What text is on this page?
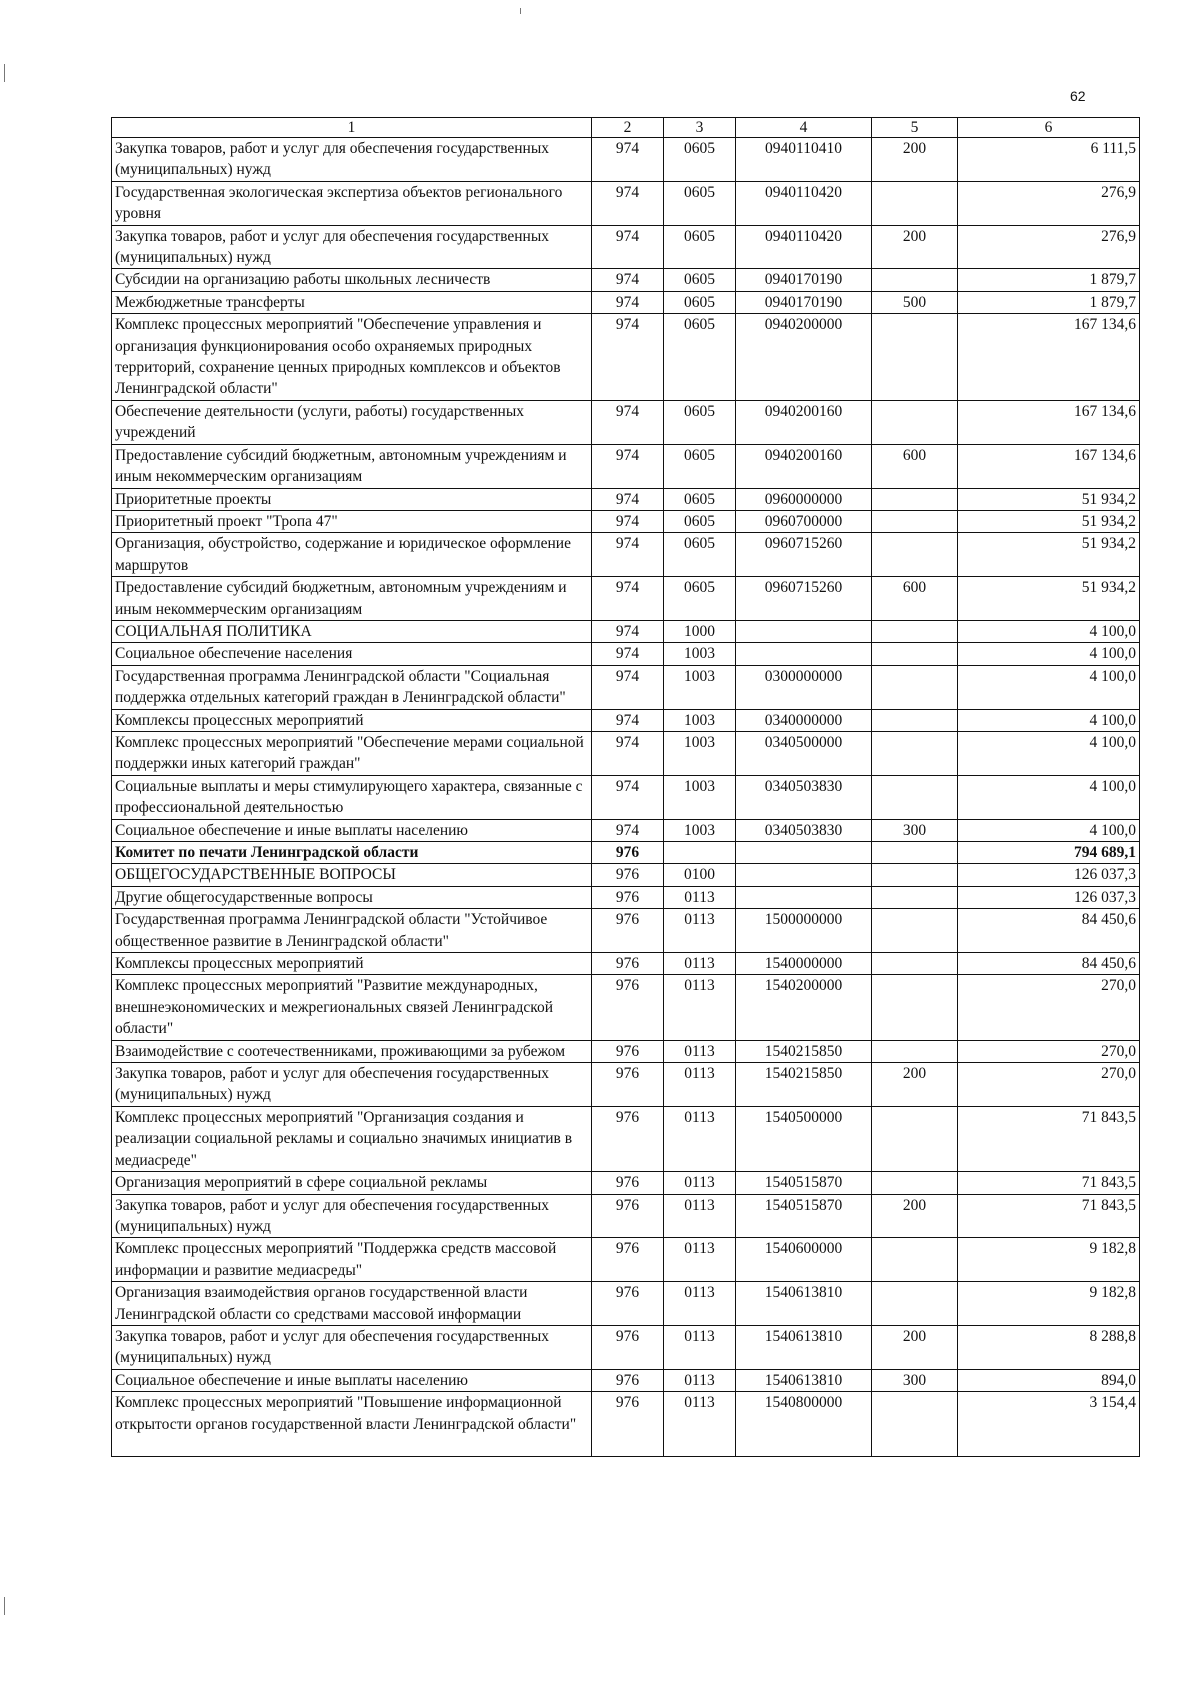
62
1	2	3	4	5	6
Закупка товаров, работ и услуг для обеспечения государственных (муниципальных) нужд	974	0605	0940110410	200	6 111,5
Государственная экологическая экспертиза объектов регионального уровня	974	0605	0940110420		276,9
Закупка товаров, работ и услуг для обеспечения государственных (муниципальных) нужд	974	0605	0940110420	200	276,9
Субсидии на организацию работы школьных лесничеств	974	0605	0940170190		1 879,7
Межбюджетные трансферты	974	0605	0940170190	500	1 879,7
Комплекс процессных мероприятий "Обеспечение управления и организация функционирования особо охраняемых природных территорий, сохранение ценных природных комплексов и объектов Ленинградской области"	974	0605	0940200000		167 134,6
Обеспечение деятельности (услуги, работы) государственных учреждений	974	0605	0940200160		167 134,6
Предоставление субсидий бюджетным, автономным учреждениям и иным некоммерческим организациям	974	0605	0940200160	600	167 134,6
Приоритетные проекты	974	0605	0960000000		51 934,2
Приоритетный проект "Тропа 47"	974	0605	0960700000		51 934,2
Организация, обустройство, содержание и юридическое оформление маршрутов	974	0605	0960715260		51 934,2
Предоставление субсидий бюджетным, автономным учреждениям и иным некоммерческим организациям	974	0605	0960715260	600	51 934,2
СОЦИАЛЬНАЯ ПОЛИТИКА	974	1000			4 100,0
Социальное обеспечение населения	974	1003			4 100,0
Государственная программа Ленинградской области "Социальная поддержка отдельных категорий граждан в Ленинградской области"	974	1003	0300000000		4 100,0
Комплексы процессных мероприятий	974	1003	0340000000		4 100,0
Комплекс процессных мероприятий "Обеспечение мерами социальной поддержки иных категорий граждан"	974	1003	0340500000		4 100,0
Социальные выплаты и меры стимулирующего характера, связанные с профессиональной деятельностью	974	1003	0340503830		4 100,0
Социальное обеспечение и иные выплаты населению	974	1003	0340503830	300	4 100,0
Комитет по печати Ленинградской области	976				794 689,1
ОБЩЕГОСУДАРСТВЕННЫЕ ВОПРОСЫ	976	0100			126 037,3
Другие общегосударственные вопросы	976	0113			126 037,3
Государственная программа Ленинградской области "Устойчивое общественное развитие в Ленинградской области"	976	0113	1500000000		84 450,6
Комплексы процессных мероприятий	976	0113	1540000000		84 450,6
Комплекс процессных мероприятий "Развитие международных, внешнеэкономических и межрегиональных связей Ленинградской области"	976	0113	1540200000		270,0
Взаимодействие с соотечественниками, проживающими за рубежом	976	0113	1540215850		270,0
Закупка товаров, работ и услуг для обеспечения государственных (муниципальных) нужд	976	0113	1540215850	200	270,0
Комплекс процессных мероприятий "Организация создания и реализации социальной рекламы и социально значимых инициатив в медиасреде"	976	0113	1540500000		71 843,5
Организация мероприятий в сфере социальной рекламы	976	0113	1540515870		71 843,5
Закупка товаров, работ и услуг для обеспечения государственных (муниципальных) нужд	976	0113	1540515870	200	71 843,5
Комплекс процессных мероприятий "Поддержка средств массовой информации и развитие медиасреды"	976	0113	1540600000		9 182,8
Организация взаимодействия органов государственной власти Ленинградской области со средствами массовой информации	976	0113	1540613810		9 182,8
Закупка товаров, работ и услуг для обеспечения государственных (муниципальных) нужд	976	0113	1540613810	200	8 288,8
Социальное обеспечение и иные выплаты населению	976	0113	1540613810	300	894,0
Комплекс процессных мероприятий "Повышение информационной открытости органов государственной власти Ленинградской области"	976	0113	1540800000		3 154,4
